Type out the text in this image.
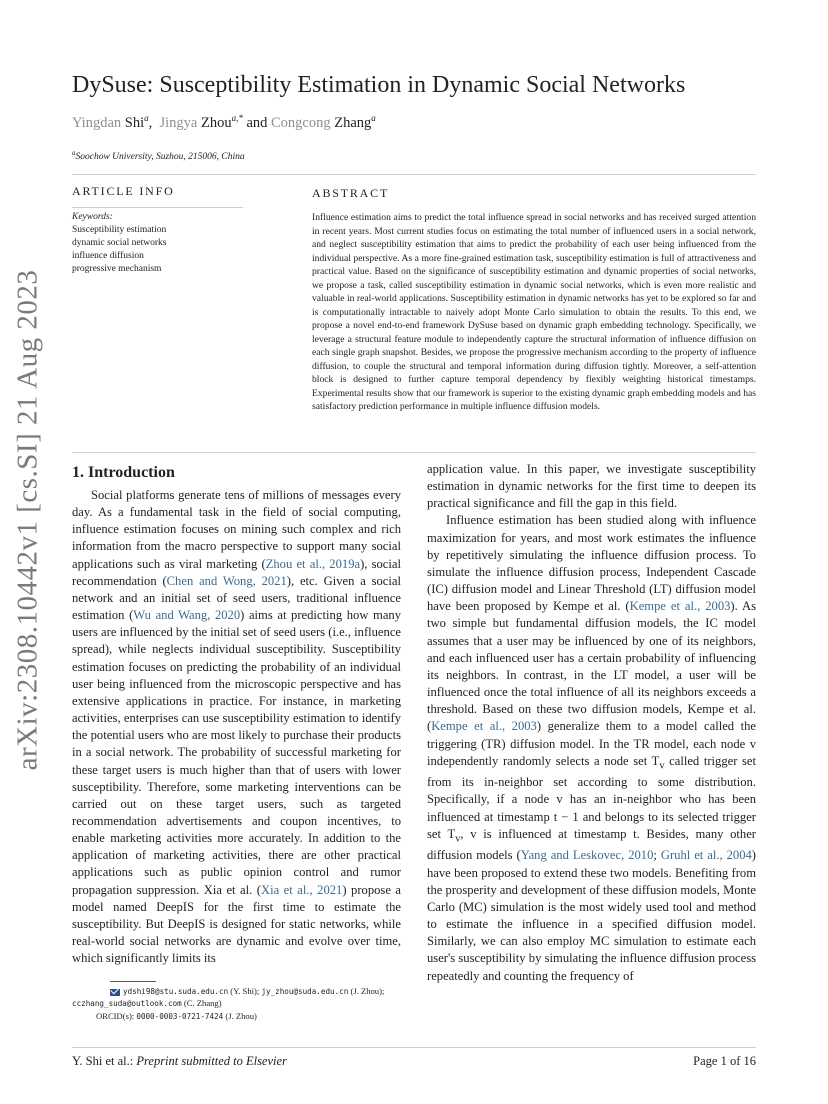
arXiv:2308.10442v1 [cs.SI] 21 Aug 2023
DySuse: Susceptibility Estimation in Dynamic Social Networks
Yingdan Shi$^a$, Jingya Zhou$^{a,*}$ and Congcong Zhang$^a$
$^a$Soochow University, Suzhou, 215006, China
ARTICLE INFO	ABSTRACT
Keywords:
Susceptibility estimation
dynamic social networks
influence diffusion
progressive mechanism
Influence estimation aims to predict the total influence spread in social networks and has received surged attention in recent years. Most current studies focus on estimating the total number of influenced users in a social network, and neglect susceptibility estimation that aims to predict the probability of each user being influenced from the individual perspective. As a more fine-grained estimation task, susceptibility estimation is full of attractiveness and practical value. Based on the significance of susceptibility estimation and dynamic properties of social networks, we propose a task, called susceptibility estimation in dynamic social networks, which is even more realistic and valuable in real-world applications. Susceptibility estimation in dynamic networks has yet to be explored so far and is computationally intractable to naively adopt Monte Carlo simulation to obtain the results. To this end, we propose a novel end-to-end framework DySuse based on dynamic graph embedding technology. Specifically, we leverage a structural feature module to independently capture the structural information of influence diffusion on each single graph snapshot. Besides, we propose the progressive mechanism according to the property of influence diffusion, to couple the structural and temporal information during diffusion tightly. Moreover, a self-attention block is designed to further capture temporal dependency by flexibly weighting historical timestamps. Experimental results show that our framework is superior to the existing dynamic graph embedding models and has satisfactory prediction performance in multiple influence diffusion models.
1. Introduction

Social platforms generate tens of millions of messages every day. As a fundamental task in the field of social computing, influence estimation focuses on mining such complex and rich information from the macro perspective to support many social applications such as viral marketing (Zhou et al., 2019a), social recommendation (Chen and Wong, 2021), etc. Given a social network and an initial set of seed users, traditional influence estimation (Wu and Wang, 2020) aims at predicting how many users are influenced by the initial set of seed users (i.e., influence spread), while neglects individual susceptibility. Susceptibility estimation focuses on predicting the probability of an individual user being influenced from the microscopic perspective and has extensive applications in practice. For instance, in marketing activities, enterprises can use susceptibility estimation to identify the potential users who are most likely to purchase their products in a social network. The probability of successful marketing for these target users is much higher than that of users with lower susceptibility. Therefore, some marketing interventions can be carried out on these target users, such as targeted recommendation advertisements and coupon incentives, to enable marketing activities more accurately. In addition to the application of marketing activities, there are other practical applications such as public opinion control and rumor propagation suppression. Xia et al. (Xia et al., 2021) propose a model named DeepIS for the first time to estimate the susceptibility. But DeepIS is designed for static networks, while real-world social networks are dynamic and evolve over time, which significantly limits its

application value. In this paper, we investigate susceptibility estimation in dynamic networks for the first time to deepen its practical significance and fill the gap in this field.

Influence estimation has been studied along with influence maximization for years, and most work estimates the influence by repetitively simulating the influence diffusion process. To simulate the influence diffusion process, Independent Cascade (IC) diffusion model and Linear Threshold (LT) diffusion model have been proposed by Kempe et al. (Kempe et al., 2003). As two simple but fundamental diffusion models, the IC model assumes that a user may be influenced by one of its neighbors, and each influenced user has a certain probability of influencing its neighbors. In contrast, in the LT model, a user will be influenced once the total influence of all its neighbors exceeds a threshold. Based on these two diffusion models, Kempe et al. (Kempe et al., 2003) generalize them to a model called the triggering (TR) diffusion model. In the TR model, each node v independently randomly selects a node set $T_v$ called trigger set from its in-neighbor set according to some distribution. Specifically, if a node v has an in-neighbor who has been influenced at timestamp t − 1 and belongs to its selected trigger set $T_v$, v is influenced at timestamp t. Besides, many other diffusion models (Yang and Leskovec, 2010; Gruhl et al., 2004) have been proposed to extend these two models. Benefiting from the prosperity and development of these diffusion models, Monte Carlo (MC) simulation is the most widely used tool and method to estimate the influence in a specified diffusion model. Similarly, we can also employ MC simulation to estimate each user's susceptibility by simulating the influence diffusion process repeatedly and counting the frequency of

ydshi98@stu.suda.edu.cn (Y. Shi); jy_zhou@suda.edu.cn (J. Zhou);
cczhang_suda@outlook.com (C. Zhang)
ORCID(s): 0000-0003-0721-7424 (J. Zhou)
Y. Shi et al.: Preprint submitted to Elsevier	Page 1 of 16
